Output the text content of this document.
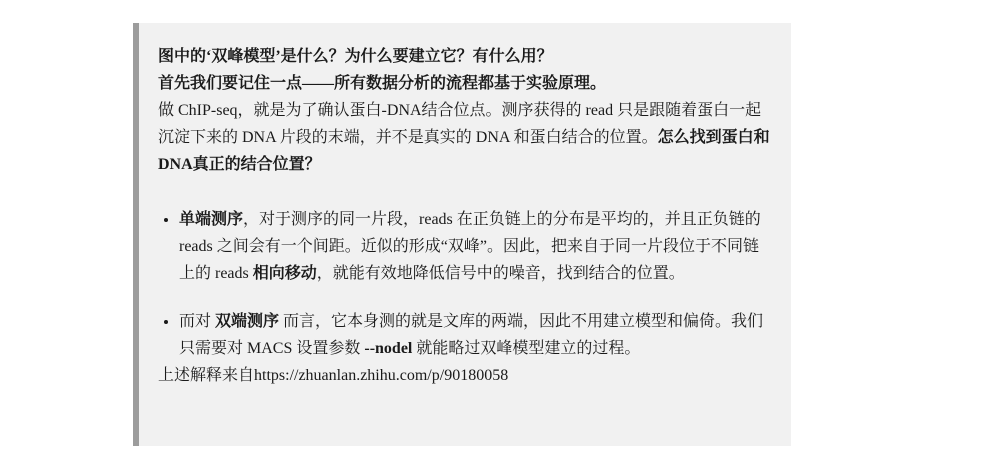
图中的‘双峰模型’是什么？为什么要建立它？有什么用？

首先我们要记住一点——所有数据分析的流程都基于实验原理。

做 ChIP-seq，就是为了确认蛋白-DNA结合位点。测序获得的 read 只是跟随着蛋白一起沉淀下来的 DNA 片段的末端，并不是真实的 DNA 和蛋白结合的位置。怎么找到蛋白和DNA真正的结合位置？

• 单端测序，对于测序的同一片段，reads 在正负链上的分布是平均的，并且正负链的 reads 之间会有一个间距。近似的形成“双峰”。因此，把来自于同一片段位于不同链上的 reads 相向移动，就能有效地降低信号中的噪音，找到结合的位置。
• 而对 双端测序 而言，它本身测的就是文库的两端，因此不用建立模型和偏倚。我们只需要对 MACS 设置参数 --nodel 就能略过双峰模型建立的过程。

上述解释来自https://zhuanlan.zhihu.com/p/90180058
